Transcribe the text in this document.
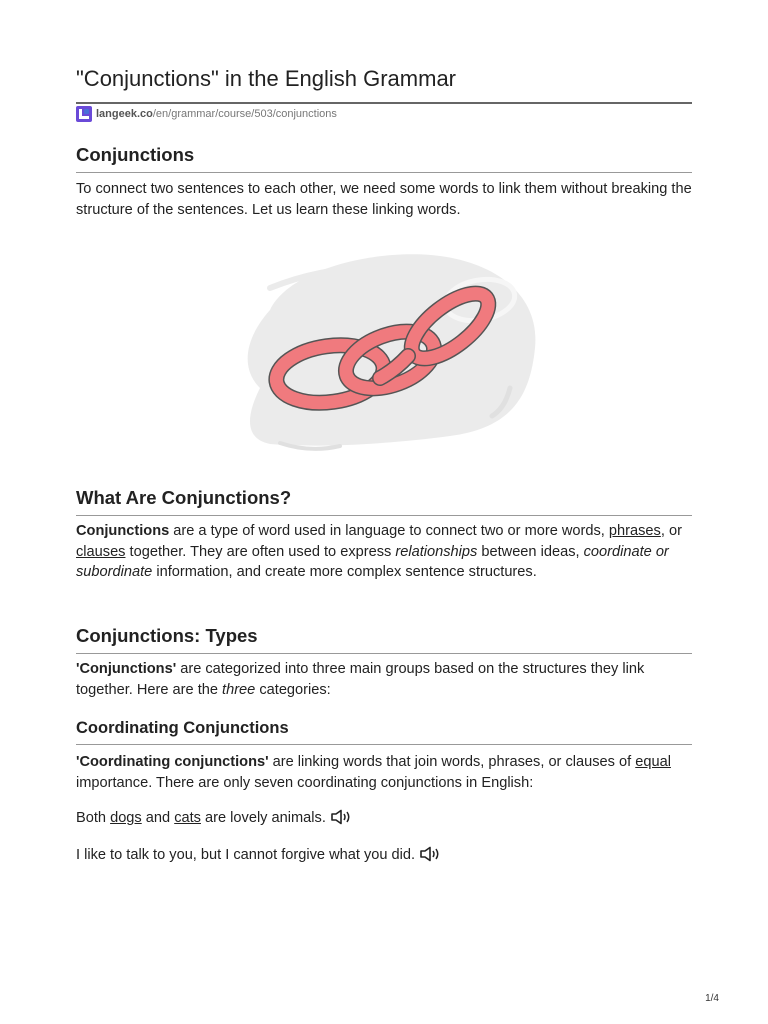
"Conjunctions" in the English Grammar
langeek.co /en/grammar/course/503/conjunctions
Conjunctions

To connect two sentences to each other, we need some words to link them without breaking the structure of the sentences. Let us learn these linking words.

What Are Conjunctions?

Conjunctions are a type of word used in language to connect two or more words, phrases, or clauses together. They are often used to express relationships between ideas, coordinate or subordinate information, and create more complex sentence structures.

Conjunctions: Types

'Conjunctions' are categorized into three main groups based on the structures they link together. Here are the three categories:

Coordinating Conjunctions

'Coordinating conjunctions' are linking words that join words, phrases, or clauses of equal importance. There are only seven coordinating conjunctions in English:

Both dogs and cats are lovely animals.

I like to talk to you, but I cannot forgive what you did.

1/4
